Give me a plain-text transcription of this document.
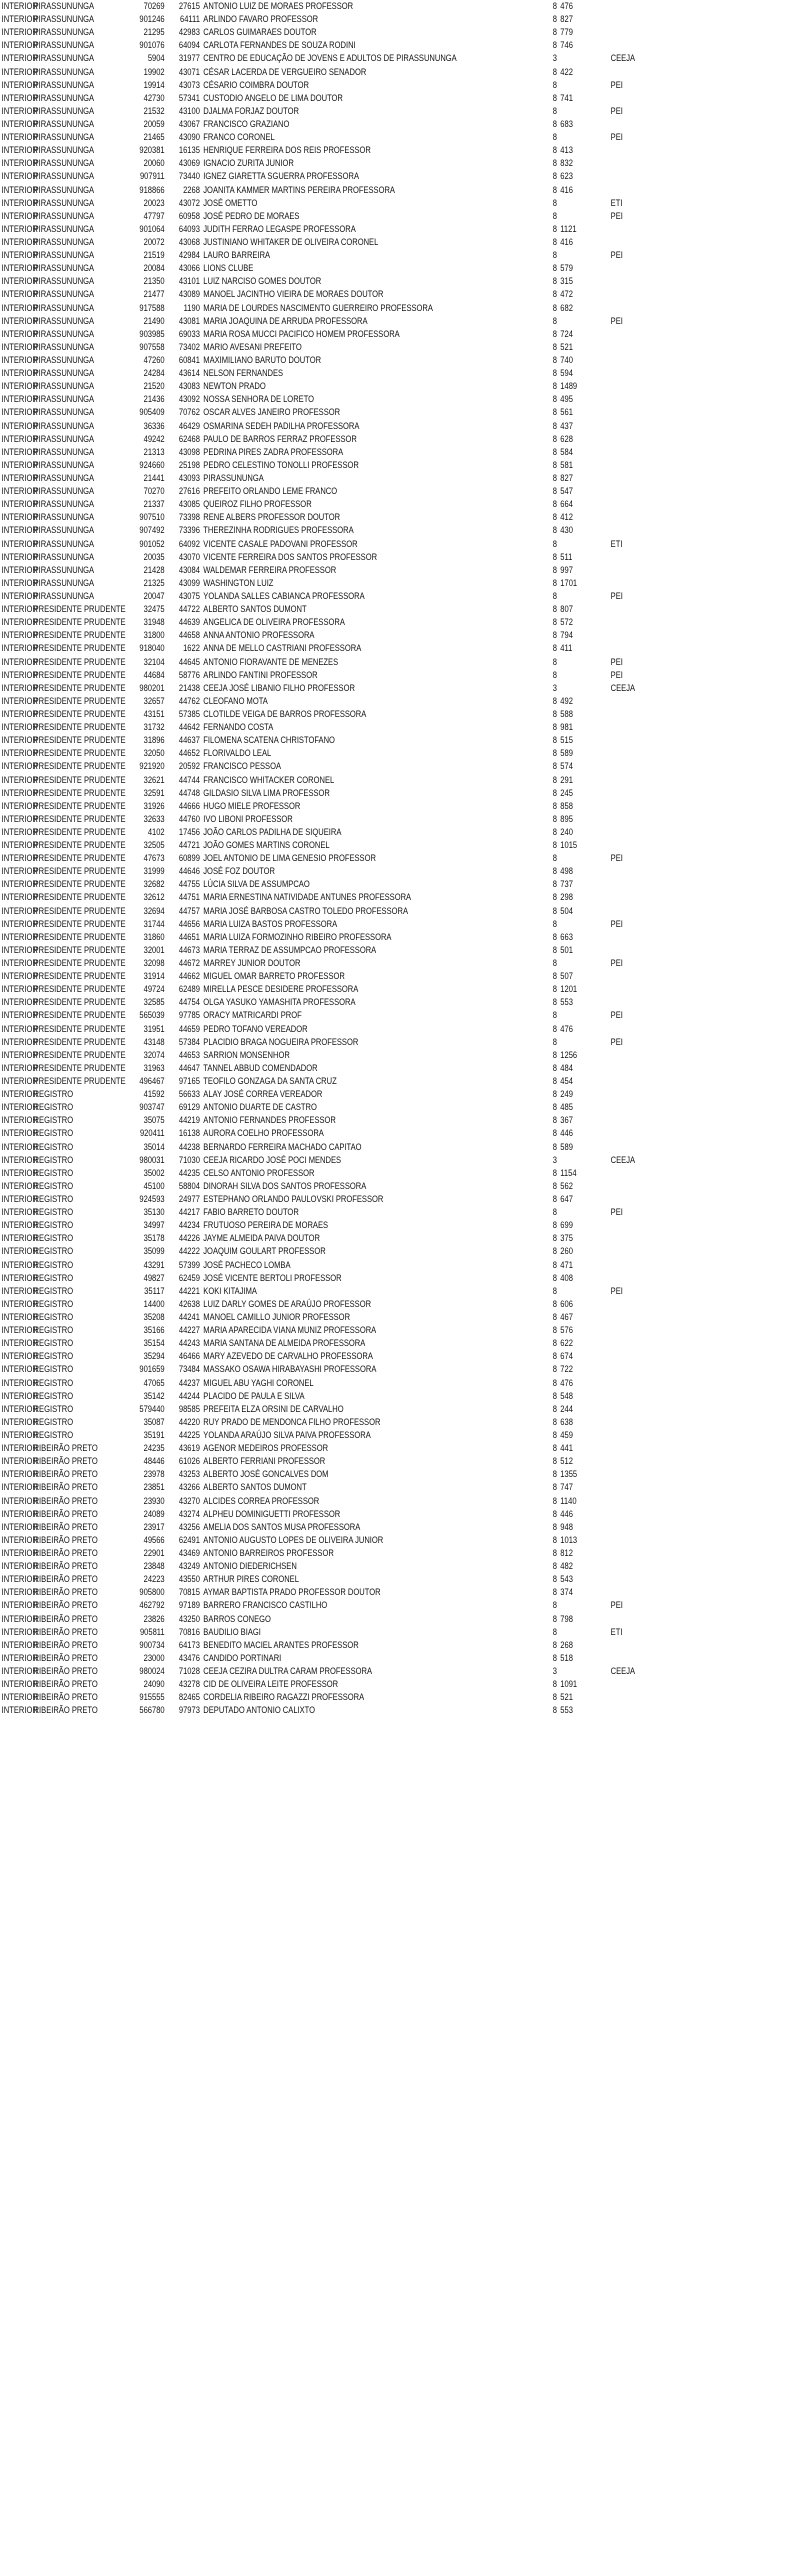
INTERIOR	PIRASSUNUNGA	70269	27615	ANTONIO LUIZ DE MORAES PROFESSOR	8	476	
INTERIOR	PIRASSUNUNGA	901246	64111	ARLINDO FAVARO PROFESSOR	8	827	
INTERIOR	PIRASSUNUNGA	21295	42983	CARLOS GUIMARAES DOUTOR	8	779	
INTERIOR	PIRASSUNUNGA	901076	64094	CARLOTA FERNANDES DE SOUZA RODINI	8	746	
INTERIOR	PIRASSUNUNGA	5904	31977	CENTRO DE EDUCAÇÃO DE JOVENS E ADULTOS DE PIRASSUNUNGA	3		CEEJA
INTERIOR	PIRASSUNUNGA	19902	43071	CÉSAR LACERDA DE VERGUEIRO SENADOR	8	422	
INTERIOR	PIRASSUNUNGA	19914	43073	CÉSARIO COIMBRA DOUTOR	8		PEI
INTERIOR	PIRASSUNUNGA	42730	57341	CUSTODIO ANGELO DE LIMA DOUTOR	8	741	
INTERIOR	PIRASSUNUNGA	21532	43100	DJALMA FORJAZ DOUTOR	8		PEI
INTERIOR	PIRASSUNUNGA	20059	43067	FRANCISCO GRAZIANO	8	683	
INTERIOR	PIRASSUNUNGA	21465	43090	FRANCO CORONEL	8		PEI
INTERIOR	PIRASSUNUNGA	920381	16135	HENRIQUE FERREIRA DOS REIS PROFESSOR	8	413	
INTERIOR	PIRASSUNUNGA	20060	43069	IGNACIO ZURITA JUNIOR	8	832	
INTERIOR	PIRASSUNUNGA	907911	73440	IGNEZ GIARETTA SGUERRA PROFESSORA	8	623	
INTERIOR	PIRASSUNUNGA	918866	2268	JOANITA KAMMER MARTINS PEREIRA PROFESSORA	8	416	
INTERIOR	PIRASSUNUNGA	20023	43072	JOSÉ OMETTO	8		ETI
INTERIOR	PIRASSUNUNGA	47797	60958	JOSÉ PEDRO DE MORAES	8		PEI
INTERIOR	PIRASSUNUNGA	901064	64093	JUDITH FERRAO LEGASPE PROFESSORA	8	1121	
INTERIOR	PIRASSUNUNGA	20072	43068	JUSTINIANO WHITAKER DE OLIVEIRA CORONEL	8	416	
INTERIOR	PIRASSUNUNGA	21519	42984	LAURO BARREIRA	8		PEI
INTERIOR	PIRASSUNUNGA	20084	43066	LIONS CLUBE	8	579	
INTERIOR	PIRASSUNUNGA	21350	43101	LUIZ NARCISO GOMES DOUTOR	8	315	
INTERIOR	PIRASSUNUNGA	21477	43089	MANOEL JACINTHO VIEIRA DE MORAES DOUTOR	8	472	
INTERIOR	PIRASSUNUNGA	917588	1190	MARIA DE LOURDES NASCIMENTO GUERREIRO PROFESSORA	8	682	
INTERIOR	PIRASSUNUNGA	21490	43081	MARIA JOAQUINA DE ARRUDA PROFESSORA	8		PEI
INTERIOR	PIRASSUNUNGA	903985	69033	MARIA ROSA MUCCI PACIFICO HOMEM PROFESSORA	8	724	
INTERIOR	PIRASSUNUNGA	907558	73402	MARIO AVESANI PREFEITO	8	521	
INTERIOR	PIRASSUNUNGA	47260	60841	MAXIMILIANO BARUTO DOUTOR	8	740	
INTERIOR	PIRASSUNUNGA	24284	43614	NELSON FERNANDES	8	594	
INTERIOR	PIRASSUNUNGA	21520	43083	NEWTON PRADO	8	1489	
INTERIOR	PIRASSUNUNGA	21436	43092	NOSSA SENHORA DE LORETO	8	495	
INTERIOR	PIRASSUNUNGA	905409	70762	OSCAR ALVES JANEIRO PROFESSOR	8	561	
INTERIOR	PIRASSUNUNGA	36336	46429	OSMARINA SEDEH PADILHA PROFESSORA	8	437	
INTERIOR	PIRASSUNUNGA	49242	62468	PAULO DE BARROS FERRAZ PROFESSOR	8	628	
INTERIOR	PIRASSUNUNGA	21313	43098	PEDRINA PIRES ZADRA PROFESSORA	8	584	
INTERIOR	PIRASSUNUNGA	924660	25198	PEDRO CELESTINO TONOLLI PROFESSOR	8	581	
INTERIOR	PIRASSUNUNGA	21441	43093	PIRASSUNUNGA	8	827	
INTERIOR	PIRASSUNUNGA	70270	27616	PREFEITO ORLANDO LEME FRANCO	8	547	
INTERIOR	PIRASSUNUNGA	21337	43085	QUEIROZ FILHO PROFESSOR	8	664	
INTERIOR	PIRASSUNUNGA	907510	73398	RENE ALBERS PROFESSOR DOUTOR	8	412	
INTERIOR	PIRASSUNUNGA	907492	73396	THEREZINHA RODRIGUES PROFESSORA	8	430	
INTERIOR	PIRASSUNUNGA	901052	64092	VICENTE CASALE PADOVANI PROFESSOR	8		ETI
INTERIOR	PIRASSUNUNGA	20035	43070	VICENTE FERREIRA DOS SANTOS PROFESSOR	8	511	
INTERIOR	PIRASSUNUNGA	21428	43084	WALDEMAR FERREIRA PROFESSOR	8	997	
INTERIOR	PIRASSUNUNGA	21325	43099	WASHINGTON LUIZ	8	1701	
INTERIOR	PIRASSUNUNGA	20047	43075	YOLANDA SALLES CABIANCA PROFESSORA	8		PEI
INTERIOR	PRESIDENTE PRUDENTE	32475	44722	ALBERTO SANTOS DUMONT	8	807	
INTERIOR	PRESIDENTE PRUDENTE	31948	44639	ANGELICA DE OLIVEIRA PROFESSORA	8	572	
INTERIOR	PRESIDENTE PRUDENTE	31800	44658	ANNA ANTONIO PROFESSORA	8	794	
INTERIOR	PRESIDENTE PRUDENTE	918040	1622	ANNA DE MELLO CASTRIANI PROFESSORA	8	411	
INTERIOR	PRESIDENTE PRUDENTE	32104	44645	ANTONIO FIORAVANTE DE MENEZES	8		PEI
INTERIOR	PRESIDENTE PRUDENTE	44684	58776	ARLINDO FANTINI PROFESSOR	8		PEI
INTERIOR	PRESIDENTE PRUDENTE	980201	21438	CEEJA JOSÉ LIBANIO FILHO PROFESSOR	3		CEEJA
INTERIOR	PRESIDENTE PRUDENTE	32657	44762	CLEOFANO MOTA	8	492	
INTERIOR	PRESIDENTE PRUDENTE	43151	57385	CLOTILDE VEIGA DE BARROS PROFESSORA	8	588	
INTERIOR	PRESIDENTE PRUDENTE	31732	44642	FERNANDO COSTA	8	981	
INTERIOR	PRESIDENTE PRUDENTE	31896	44637	FILOMENA SCATENA CHRISTOFANO	8	515	
INTERIOR	PRESIDENTE PRUDENTE	32050	44652	FLORIVALDO LEAL	8	589	
INTERIOR	PRESIDENTE PRUDENTE	921920	20592	FRANCISCO PESSOA	8	574	
INTERIOR	PRESIDENTE PRUDENTE	32621	44744	FRANCISCO WHITACKER CORONEL	8	291	
INTERIOR	PRESIDENTE PRUDENTE	32591	44748	GILDASIO SILVA LIMA PROFESSOR	8	245	
INTERIOR	PRESIDENTE PRUDENTE	31926	44666	HUGO MIELE PROFESSOR	8	858	
INTERIOR	PRESIDENTE PRUDENTE	32633	44760	IVO LIBONI PROFESSOR	8	895	
INTERIOR	PRESIDENTE PRUDENTE	4102	17456	JOÃO CARLOS PADILHA DE SIQUEIRA	8	240	
INTERIOR	PRESIDENTE PRUDENTE	32505	44721	JOÃO GOMES MARTINS CORONEL	8	1015	
INTERIOR	PRESIDENTE PRUDENTE	47673	60899	JOEL ANTONIO DE LIMA GENESIO PROFESSOR	8		PEI
INTERIOR	PRESIDENTE PRUDENTE	31999	44646	JOSÉ FOZ DOUTOR	8	498	
INTERIOR	PRESIDENTE PRUDENTE	32682	44755	LÚCIA SILVA DE ASSUMPCAO	8	737	
INTERIOR	PRESIDENTE PRUDENTE	32612	44751	MARIA ERNESTINA NATIVIDADE ANTUNES PROFESSORA	8	298	
INTERIOR	PRESIDENTE PRUDENTE	32694	44757	MARIA JOSÉ BARBOSA CASTRO TOLEDO PROFESSORA	8	504	
INTERIOR	PRESIDENTE PRUDENTE	31744	44656	MARIA LUIZA BASTOS PROFESSORA	8		PEI
INTERIOR	PRESIDENTE PRUDENTE	31860	44651	MARIA LUIZA FORMOZINHO RIBEIRO PROFESSORA	8	663	
INTERIOR	PRESIDENTE PRUDENTE	32001	44673	MARIA TERRAZ DE ASSUMPCAO PROFESSORA	8	501	
INTERIOR	PRESIDENTE PRUDENTE	32098	44672	MARREY JUNIOR DOUTOR	8		PEI
INTERIOR	PRESIDENTE PRUDENTE	31914	44662	MIGUEL OMAR BARRETO PROFESSOR	8	507	
INTERIOR	PRESIDENTE PRUDENTE	49724	62489	MIRELLA PESCE DESIDERE PROFESSORA	8	1201	
INTERIOR	PRESIDENTE PRUDENTE	32585	44754	OLGA YASUKO YAMASHITA PROFESSORA	8	553	
INTERIOR	PRESIDENTE PRUDENTE	565039	97785	ORACY MATRICARDI PROF	8		PEI
INTERIOR	PRESIDENTE PRUDENTE	31951	44659	PEDRO TOFANO VEREADOR	8	476	
INTERIOR	PRESIDENTE PRUDENTE	43148	57384	PLACIDIO BRAGA NOGUEIRA PROFESSOR	8		PEI
INTERIOR	PRESIDENTE PRUDENTE	32074	44653	SARRION MONSENHOR	8	1256	
INTERIOR	PRESIDENTE PRUDENTE	31963	44647	TANNEL ABBUD COMENDADOR	8	484	
INTERIOR	PRESIDENTE PRUDENTE	496467	97165	TEOFILO GONZAGA DA SANTA CRUZ	8	454	
INTERIOR	REGISTRO	41592	56633	ALAY JOSÉ CORREA VEREADOR	8	249	
INTERIOR	REGISTRO	903747	69129	ANTONIO DUARTE DE CASTRO	8	485	
INTERIOR	REGISTRO	35075	44219	ANTONIO FERNANDES PROFESSOR	8	367	
INTERIOR	REGISTRO	920411	16138	AURORA COELHO PROFESSORA	8	446	
INTERIOR	REGISTRO	35014	44238	BERNARDO FERREIRA MACHADO CAPITAO	8	589	
INTERIOR	REGISTRO	980031	71030	CEEJA RICARDO JOSÉ POCI MENDES	3		CEEJA
INTERIOR	REGISTRO	35002	44235	CELSO ANTONIO PROFESSOR	8	1154	
INTERIOR	REGISTRO	45100	58804	DINORAH SILVA DOS SANTOS PROFESSORA	8	562	
INTERIOR	REGISTRO	924593	24977	ESTEPHANO ORLANDO PAULOVSKI PROFESSOR	8	647	
INTERIOR	REGISTRO	35130	44217	FABIO BARRETO DOUTOR	8		PEI
INTERIOR	REGISTRO	34997	44234	FRUTUOSO PEREIRA DE MORAES	8	699	
INTERIOR	REGISTRO	35178	44226	JAYME ALMEIDA PAIVA DOUTOR	8	375	
INTERIOR	REGISTRO	35099	44222	JOAQUIM GOULART PROFESSOR	8	260	
INTERIOR	REGISTRO	43291	57399	JOSÉ PACHECO LOMBA	8	471	
INTERIOR	REGISTRO	49827	62459	JOSÉ VICENTE BERTOLI PROFESSOR	8	408	
INTERIOR	REGISTRO	35117	44221	KOKI KITAJIMA	8		PEI
INTERIOR	REGISTRO	14400	42638	LUIZ DARLY GOMES DE ARAÚJO PROFESSOR	8	606	
INTERIOR	REGISTRO	35208	44241	MANOEL CAMILLO JUNIOR PROFESSOR	8	467	
INTERIOR	REGISTRO	35166	44227	MARIA APARECIDA VIANA MUNIZ PROFESSORA	8	576	
INTERIOR	REGISTRO	35154	44243	MARIA SANTANA DE ALMEIDA PROFESSORA	8	622	
INTERIOR	REGISTRO	35294	46466	MARY AZEVEDO DE CARVALHO PROFESSORA	8	674	
INTERIOR	REGISTRO	901659	73484	MASSAKO OSAWA HIRABAYASHI PROFESSORA	8	722	
INTERIOR	REGISTRO	47065	44237	MIGUEL ABU YAGHI CORONEL	8	476	
INTERIOR	REGISTRO	35142	44244	PLACIDO DE PAULA E SILVA	8	548	
INTERIOR	REGISTRO	579440	98585	PREFEITA ELZA ORSINI DE CARVALHO	8	244	
INTERIOR	REGISTRO	35087	44220	RUY PRADO DE MENDONCA FILHO PROFESSOR	8	638	
INTERIOR	REGISTRO	35191	44225	YOLANDA ARAÚJO SILVA PAIVA PROFESSORA	8	459	
INTERIOR	RIBEIRÃO PRETO	24235	43619	AGENOR MEDEIROS PROFESSOR	8	441	
INTERIOR	RIBEIRÃO PRETO	48446	61026	ALBERTO FERRIANI PROFESSOR	8	512	
INTERIOR	RIBEIRÃO PRETO	23978	43253	ALBERTO JOSÉ GONCALVES DOM	8	1355	
INTERIOR	RIBEIRÃO PRETO	23851	43266	ALBERTO SANTOS DUMONT	8	747	
INTERIOR	RIBEIRÃO PRETO	23930	43270	ALCIDES CORREA PROFESSOR	8	1140	
INTERIOR	RIBEIRÃO PRETO	24089	43274	ALPHEU DOMINIGUETTI PROFESSOR	8	446	
INTERIOR	RIBEIRÃO PRETO	23917	43256	AMELIA DOS SANTOS MUSA PROFESSORA	8	948	
INTERIOR	RIBEIRÃO PRETO	49566	62491	ANTONIO AUGUSTO LOPES DE OLIVEIRA JUNIOR	8	1013	
INTERIOR	RIBEIRÃO PRETO	22901	43469	ANTONIO BARREIROS PROFESSOR	8	812	
INTERIOR	RIBEIRÃO PRETO	23848	43249	ANTONIO DIEDERICHSEN	8	482	
INTERIOR	RIBEIRÃO PRETO	24223	43550	ARTHUR PIRES CORONEL	8	543	
INTERIOR	RIBEIRÃO PRETO	905800	70815	AYMAR BAPTISTA PRADO PROFESSOR DOUTOR	8	374	
INTERIOR	RIBEIRÃO PRETO	462792	97189	BARRERO FRANCISCO CASTILHO	8		PEI
INTERIOR	RIBEIRÃO PRETO	23826	43250	BARROS CONEGO	8	798	
INTERIOR	RIBEIRÃO PRETO	905811	70816	BAUDILIO BIAGI	8		ETI
INTERIOR	RIBEIRÃO PRETO	900734	64173	BENEDITO MACIEL ARANTES PROFESSOR	8	268	
INTERIOR	RIBEIRÃO PRETO	23000	43476	CANDIDO PORTINARI	8	518	
INTERIOR	RIBEIRÃO PRETO	980024	71028	CEEJA CEZIRA DULTRA CARAM PROFESSORA	3		CEEJA
INTERIOR	RIBEIRÃO PRETO	24090	43278	CID DE OLIVEIRA LEITE PROFESSOR	8	1091	
INTERIOR	RIBEIRÃO PRETO	915555	82465	CORDELIA RIBEIRO RAGAZZI PROFESSORA	8	521	
INTERIOR	RIBEIRÃO PRETO	566780	97973	DEPUTADO ANTONIO CALIXTO	8	553	
